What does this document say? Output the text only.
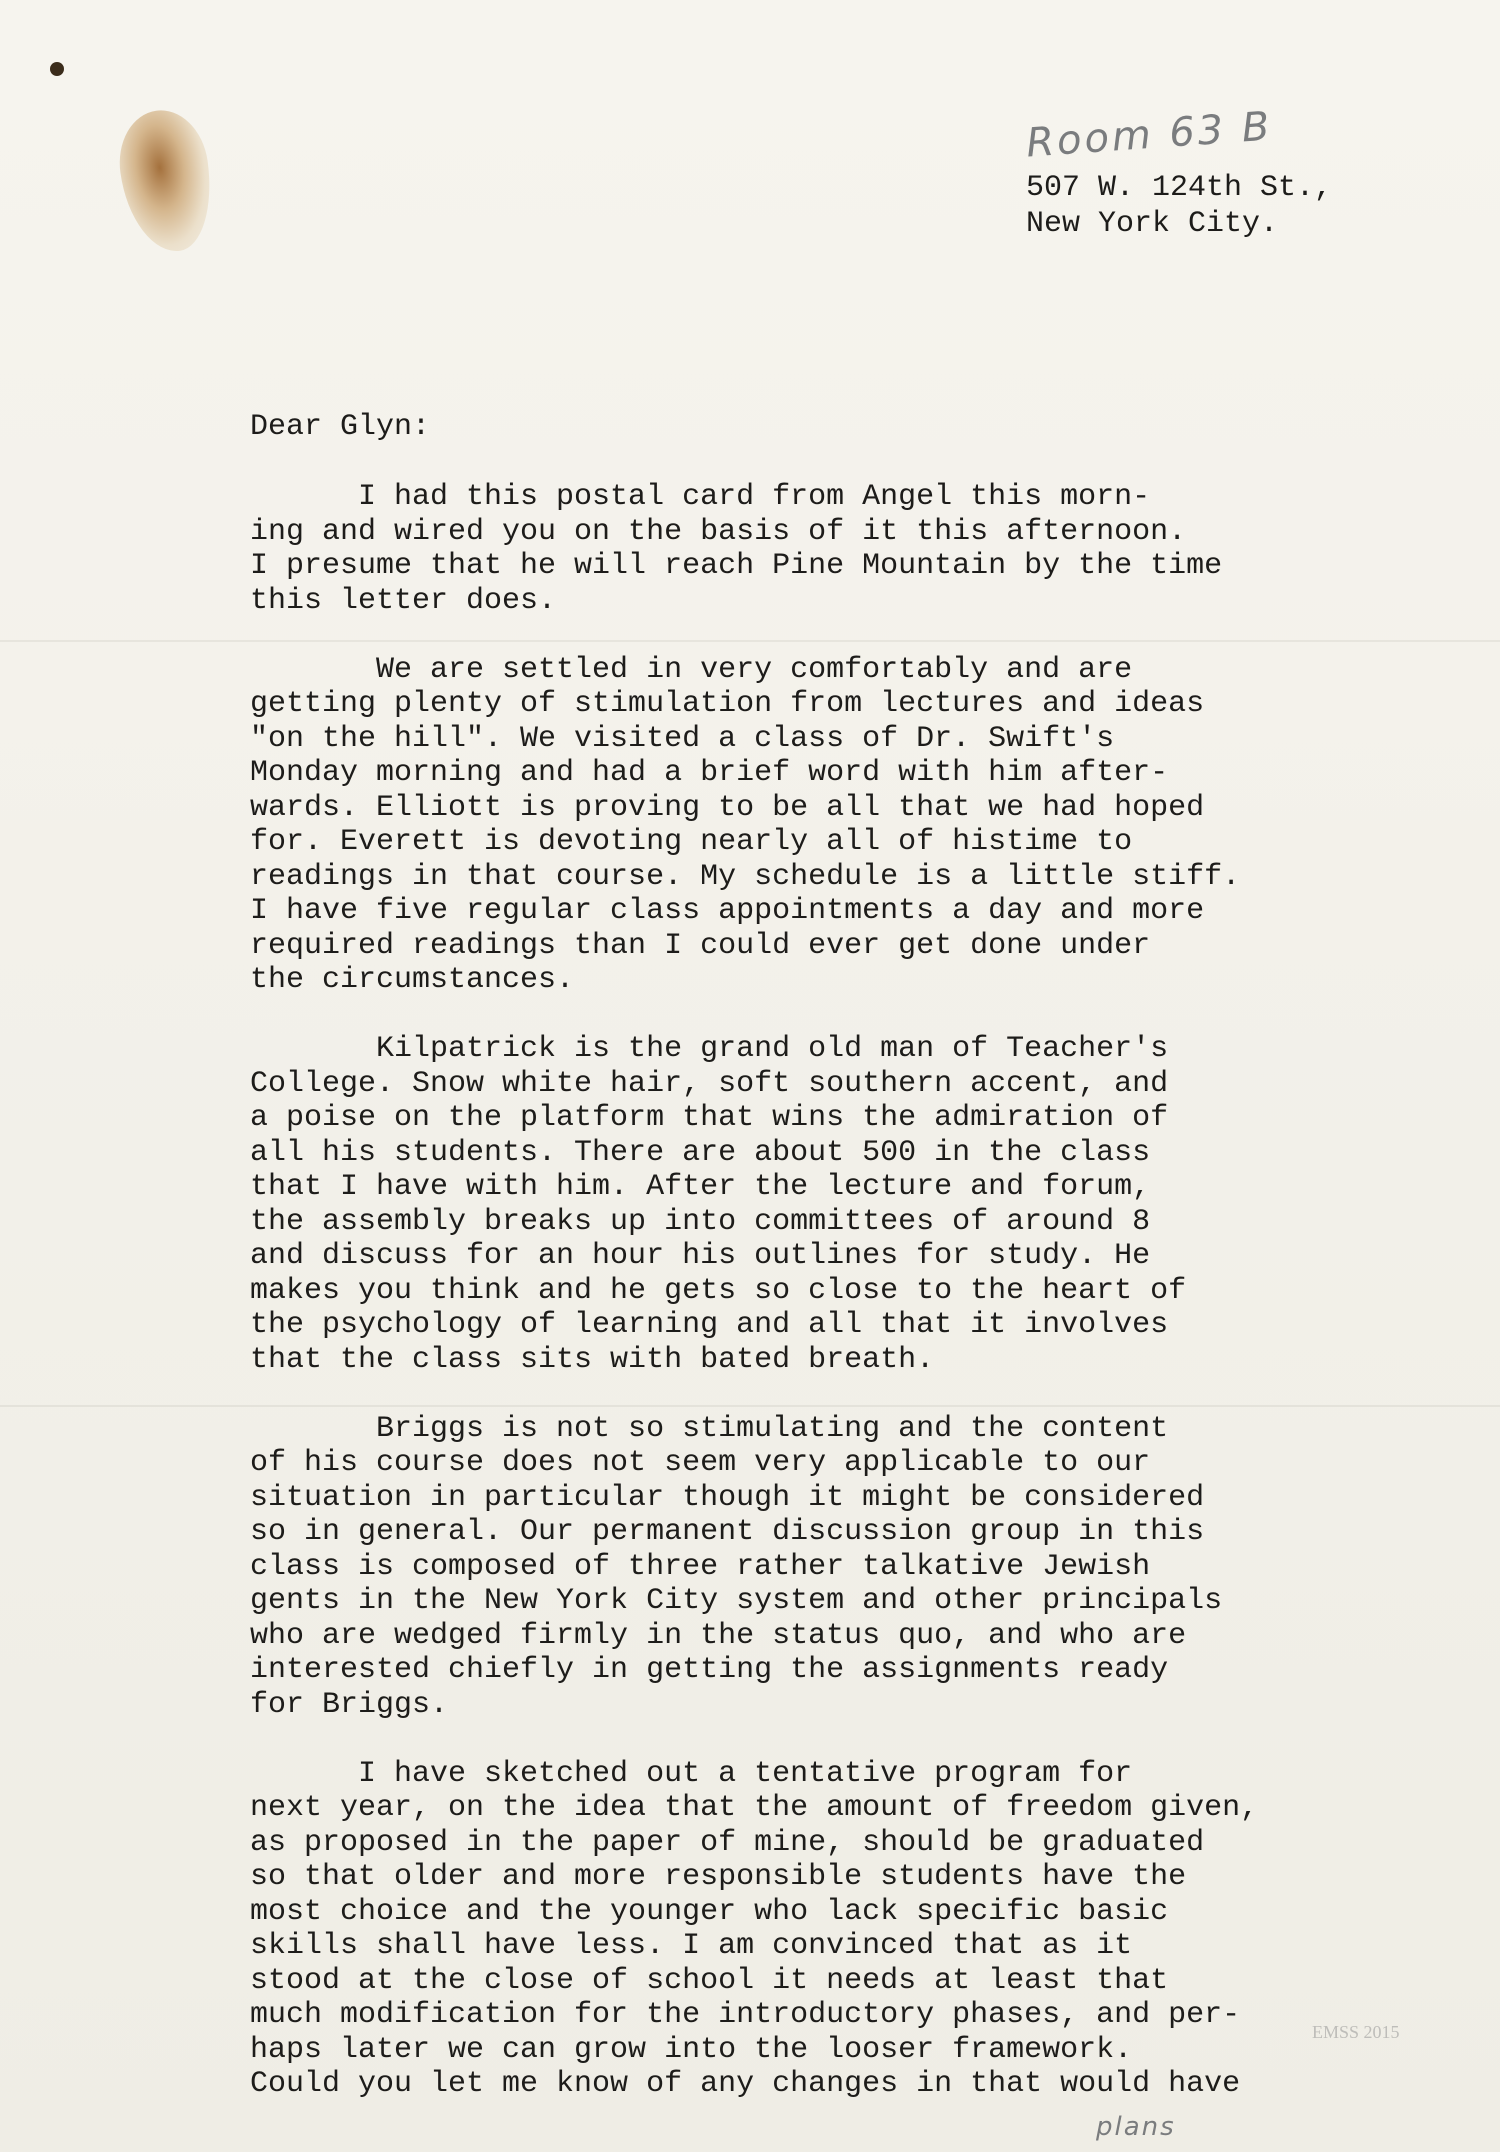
Room 63 B
507 W. 124th St.,
New York City.
Dear Glyn:
I had this postal card from Angel this morn-
ing and wired you on the basis of it this afternoon.
I presume that he will reach Pine Mountain by the time
this letter does.
We are settled in very comfortably and are
getting plenty of stimulation from lectures and ideas
"on the hill". We visited a class of Dr. Swift's
Monday morning and had a brief word with him after-
wards. Elliott is proving to be all that we had hoped
for. Everett is devoting nearly all of histime to
readings in that course. My schedule is a little stiff.
I have five regular class appointments a day and more
required readings than I could ever get done under
the circumstances.
Kilpatrick is the grand old man of Teacher's
College. Snow white hair, soft southern accent, and
a poise on the platform that wins the admiration of
all his students. There are about 500 in the class
that I have with him. After the lecture and forum,
the assembly breaks up into committees of around 8
and discuss for an hour his outlines for study. He
makes you think and he gets so close to the heart of
the psychology of learning and all that it involves
that the class sits with bated breath.
Briggs is not so stimulating and the content
of his course does not seem very applicable to our
situation in particular though it might be considered
so in general. Our permanent discussion group in this
class is composed of three rather talkative Jewish
gents in the New York City system and other principals
who are wedged firmly in the status quo, and who are
interested chiefly in getting the assignments ready
for Briggs.
I have sketched out a tentative program for
next year, on the idea that the amount of freedom given,
as proposed in the paper of mine, should be graduated
so that older and more responsible students have the
most choice and the younger who lack specific basic
skills shall have less. I am convinced that as it
stood at the close of school it needs at least that
much modification for the introductory phases, and per-
haps later we can grow into the looser framework.
Could you let me know of any changes in that would have
plans
EMSS 2015
